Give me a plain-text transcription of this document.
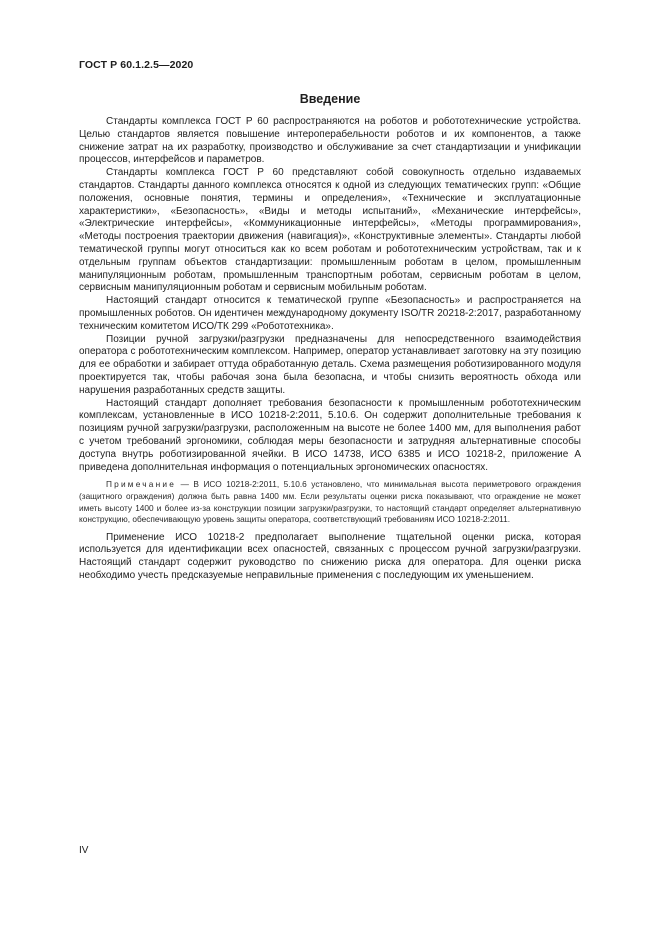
ГОСТ Р 60.1.2.5—2020
Введение

Стандарты комплекса ГОСТ Р 60 распространяются на роботов и робототехнические устройства. Целью стандартов является повышение интероперабельности роботов и их компонентов, а также снижение затрат на их разработку, производство и обслуживание за счет стандартизации и унификации процессов, интерфейсов и параметров.

Стандарты комплекса ГОСТ Р 60 представляют собой совокупность отдельно издаваемых стандартов. Стандарты данного комплекса относятся к одной из следующих тематических групп: «Общие положения, основные понятия, термины и определения», «Технические и эксплуатационные характеристики», «Безопасность», «Виды и методы испытаний», «Механические интерфейсы», «Электрические интерфейсы», «Коммуникационные интерфейсы», «Методы программирования», «Методы построения траектории движения (навигация)», «Конструктивные элементы». Стандарты любой тематической группы могут относиться как ко всем роботам и робототехническим устройствам, так и к отдельным группам объектов стандартизации: промышленным роботам в целом, промышленным манипуляционным роботам, промышленным транспортным роботам, сервисным роботам в целом, сервисным манипуляционным роботам и сервисным мобильным роботам.

Настоящий стандарт относится к тематической группе «Безопасность» и распространяется на промышленных роботов. Он идентичен международному документу ISO/TR 20218-2:2017, разработанному техническим комитетом ИСО/ТК 299 «Робототехника».

Позиции ручной загрузки/разгрузки предназначены для непосредственного взаимодействия оператора с робототехническим комплексом. Например, оператор устанавливает заготовку на эту позицию для ее обработки и забирает оттуда обработанную деталь. Схема размещения роботизированного модуля проектируется так, чтобы рабочая зона была безопасна, и чтобы снизить вероятность обхода или нарушения разработанных средств защиты.

Настоящий стандарт дополняет требования безопасности к промышленным робототехническим комплексам, установленные в ИСО 10218-2:2011, 5.10.6. Он содержит дополнительные требования к позициям ручной загрузки/разгрузки, расположенным на высоте не более 1400 мм, для выполнения работ с учетом требований эргономики, соблюдая меры безопасности и затрудняя альтернативные способы доступа внутрь роботизированной ячейки. В ИСО 14738, ИСО 6385 и ИСО 10218-2, приложение А приведена дополнительная информация о потенциальных эргономических опасностях.

Примечание — В ИСО 10218-2:2011, 5.10.6 установлено, что минимальная высота периметрового ограждения (защитного ограждения) должна быть равна 1400 мм. Если результаты оценки риска показывают, что ограждение не может иметь высоту 1400 и более из-за конструкции позиции загрузки/разгрузки, то настоящий стандарт определяет альтернативную конструкцию, обеспечивающую уровень защиты оператора, соответствующий требованиям ИСО 10218-2:2011.

Применение ИСО 10218-2 предполагает выполнение тщательной оценки риска, которая используется для идентификации всех опасностей, связанных с процессом ручной загрузки/разгрузки. Настоящий стандарт содержит руководство по снижению риска для оператора. Для оценки риска необходимо учесть предсказуемые неправильные применения с последующим их уменьшением.

IV
